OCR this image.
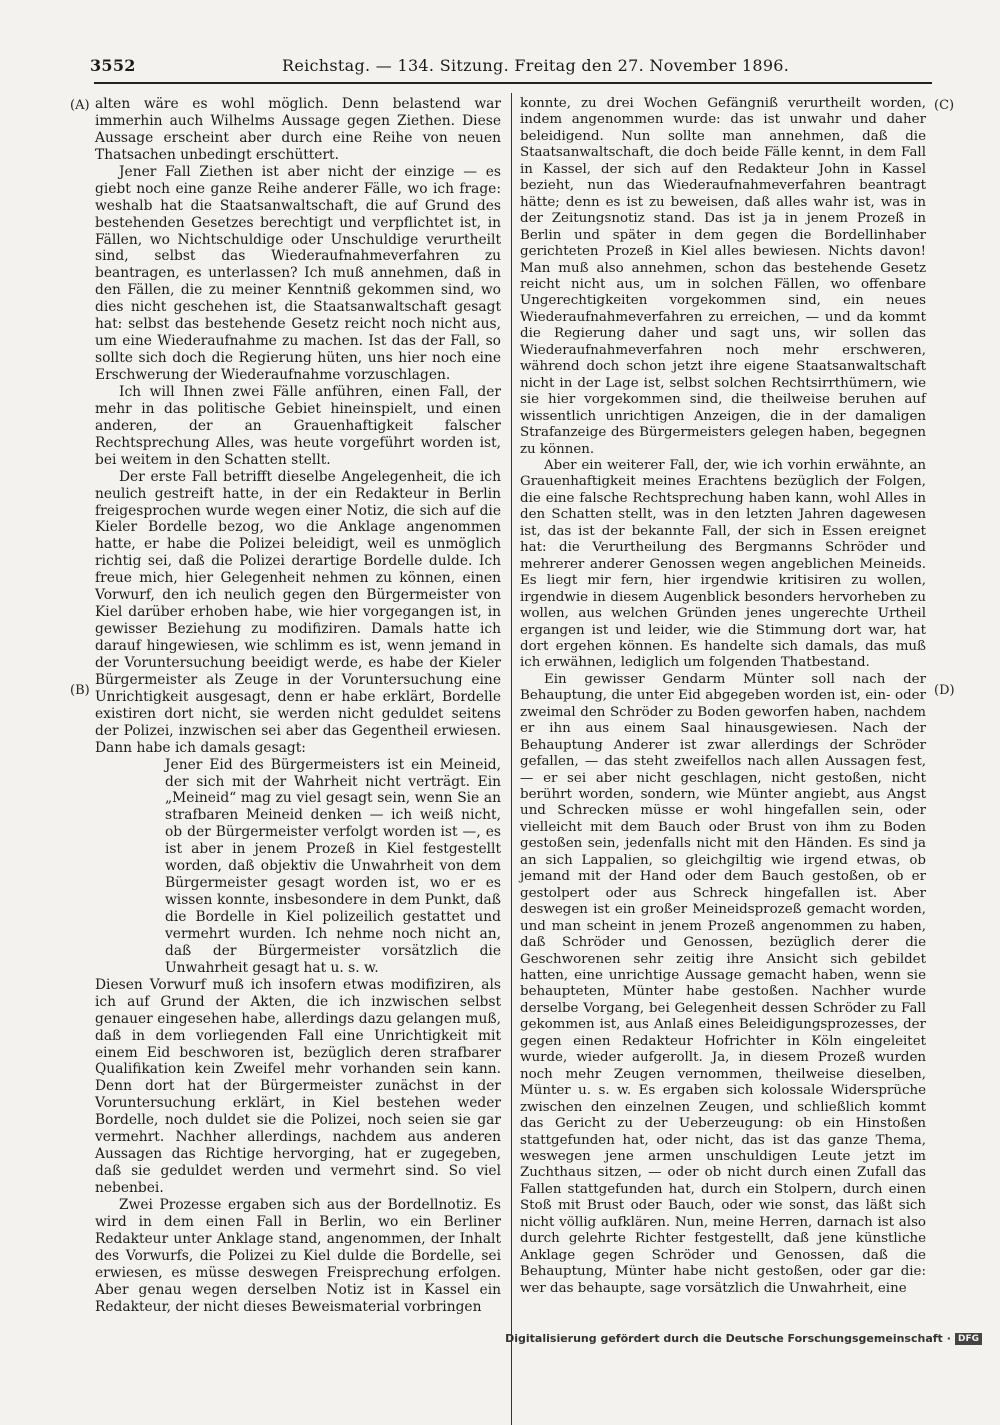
3552	Reichstag. — 134. Sitzung. Freitag den 27. November 1896.
(A)
(B)
(C)
(D)

alten wäre es wohl möglich. Denn belastend war immerhin auch Wilhelms Aussage gegen Ziethen. Diese Aussage erscheint aber durch eine Reihe von neuen Thatsachen unbedingt erschüttert.

Jener Fall Ziethen ist aber nicht der einzige — es giebt noch eine ganze Reihe anderer Fälle, wo ich frage: weshalb hat die Staatsanwaltschaft, die auf Grund des bestehenden Gesetzes berechtigt und verpflichtet ist, in Fällen, wo Nichtschuldige oder Unschuldige verurtheilt sind, selbst das Wiederaufnahmeverfahren zu beantragen, es unterlassen? Ich muß annehmen, daß in den Fällen, die zu meiner Kenntniß gekommen sind, wo dies nicht geschehen ist, die Staatsanwaltschaft gesagt hat: selbst das bestehende Gesetz reicht noch nicht aus, um eine Wiederaufnahme zu machen. Ist das der Fall, so sollte sich doch die Regierung hüten, uns hier noch eine Erschwerung der Wiederaufnahme vorzuschlagen.

Ich will Ihnen zwei Fälle anführen, einen Fall, der mehr in das politische Gebiet hineinspielt, und einen anderen, der an Grauenhaftigkeit falscher Rechtsprechung Alles, was heute vorgeführt worden ist, bei weitem in den Schatten stellt.

Der erste Fall betrifft dieselbe Angelegenheit, die ich neulich gestreift hatte, in der ein Redakteur in Berlin freigesprochen wurde wegen einer Notiz, die sich auf die Kieler Bordelle bezog, wo die Anklage angenommen hatte, er habe die Polizei beleidigt, weil es unmöglich richtig sei, daß die Polizei derartige Bordelle dulde. Ich freue mich, hier Gelegenheit nehmen zu können, einen Vorwurf, den ich neulich gegen den Bürgermeister von Kiel darüber erhoben habe, wie hier vorgegangen ist, in gewisser Beziehung zu modifiziren. Damals hatte ich darauf hingewiesen, wie schlimm es ist, wenn jemand in der Voruntersuchung beeidigt werde, es habe der Kieler Bürgermeister als Zeuge in der Voruntersuchung eine Unrichtigkeit ausgesagt, denn er habe erklärt, Bordelle existiren dort nicht, sie werden nicht geduldet seitens der Polizei, inzwischen sei aber das Gegentheil erwiesen. Dann habe ich damals gesagt:

Jener Eid des Bürgermeisters ist ein Meineid, der sich mit der Wahrheit nicht verträgt. Ein „Meineid“ mag zu viel gesagt sein, wenn Sie an strafbaren Meineid denken — ich weiß nicht, ob der Bürgermeister verfolgt worden ist —, es ist aber in jenem Prozeß in Kiel festgestellt worden, daß objektiv die Unwahrheit von dem Bürgermeister gesagt worden ist, wo er es wissen konnte, insbesondere in dem Punkt, daß die Bordelle in Kiel polizeilich gestattet und vermehrt wurden. Ich nehme noch nicht an, daß der Bürgermeister vorsätzlich die Unwahrheit gesagt hat u. s. w.

Diesen Vorwurf muß ich insofern etwas modifiziren, als ich auf Grund der Akten, die ich inzwischen selbst genauer eingesehen habe, allerdings dazu gelangen muß, daß in dem vorliegenden Fall eine Unrichtigkeit mit einem Eid beschworen ist, bezüglich deren strafbarer Qualifikation kein Zweifel mehr vorhanden sein kann. Denn dort hat der Bürgermeister zunächst in der Voruntersuchung erklärt, in Kiel bestehen weder Bordelle, noch duldet sie die Polizei, noch seien sie gar vermehrt. Nachher allerdings, nachdem aus anderen Aussagen das Richtige hervorging, hat er zugegeben, daß sie geduldet werden und vermehrt sind. So viel nebenbei.

Zwei Prozesse ergaben sich aus der Bordellnotiz. Es wird in dem einen Fall in Berlin, wo ein Berliner Redakteur unter Anklage stand, angenommen, der Inhalt des Vorwurfs, die Polizei zu Kiel dulde die Bordelle, sei erwiesen, es müsse deswegen Freisprechung erfolgen. Aber genau wegen derselben Notiz ist in Kassel ein Redakteur, der nicht dieses Beweismaterial vorbringen

konnte, zu drei Wochen Gefängniß verurtheilt worden, indem angenommen wurde: das ist unwahr und daher beleidigend. Nun sollte man annehmen, daß die Staatsanwaltschaft, die doch beide Fälle kennt, in dem Fall in Kassel, der sich auf den Redakteur John in Kassel bezieht, nun das Wiederaufnahmeverfahren beantragt hätte; denn es ist zu beweisen, daß alles wahr ist, was in der Zeitungsnotiz stand. Das ist ja in jenem Prozeß in Berlin und später in dem gegen die Bordellinhaber gerichteten Prozeß in Kiel alles bewiesen. Nichts davon! Man muß also annehmen, schon das bestehende Gesetz reicht nicht aus, um in solchen Fällen, wo offenbare Ungerechtigkeiten vorgekommen sind, ein neues Wiederaufnahmeverfahren zu erreichen, — und da kommt die Regierung daher und sagt uns, wir sollen das Wiederaufnahmeverfahren noch mehr erschweren, während doch schon jetzt ihre eigene Staatsanwaltschaft nicht in der Lage ist, selbst solchen Rechtsirrthümern, wie sie hier vorgekommen sind, die theilweise beruhen auf wissentlich unrichtigen Anzeigen, die in der damaligen Strafanzeige des Bürgermeisters gelegen haben, begegnen zu können.

Aber ein weiterer Fall, der, wie ich vorhin erwähnte, an Grauenhaftigkeit meines Erachtens bezüglich der Folgen, die eine falsche Rechtsprechung haben kann, wohl Alles in den Schatten stellt, was in den letzten Jahren dagewesen ist, das ist der bekannte Fall, der sich in Essen ereignet hat: die Verurtheilung des Bergmanns Schröder und mehrerer anderer Genossen wegen angeblichen Meineids. Es liegt mir fern, hier irgendwie kritisiren zu wollen, irgendwie in diesem Augenblick besonders hervorheben zu wollen, aus welchen Gründen jenes ungerechte Urtheil ergangen ist und leider, wie die Stimmung dort war, hat dort ergehen können. Es handelte sich damals, das muß ich erwähnen, lediglich um folgenden Thatbestand.

Ein gewisser Gendarm Münter soll nach der Behauptung, die unter Eid abgegeben worden ist, ein- oder zweimal den Schröder zu Boden geworfen haben, nachdem er ihn aus einem Saal hinausgewiesen. Nach der Behauptung Anderer ist zwar allerdings der Schröder gefallen, — das steht zweifellos nach allen Aussagen fest, — er sei aber nicht geschlagen, nicht gestoßen, nicht berührt worden, sondern, wie Münter angiebt, aus Angst und Schrecken müsse er wohl hingefallen sein, oder vielleicht mit dem Bauch oder Brust von ihm zu Boden gestoßen sein, jedenfalls nicht mit den Händen. Es sind ja an sich Lappalien, so gleichgiltig wie irgend etwas, ob jemand mit der Hand oder dem Bauch gestoßen, ob er gestolpert oder aus Schreck hingefallen ist. Aber deswegen ist ein großer Meineidsprozeß gemacht worden, und man scheint in jenem Prozeß angenommen zu haben, daß Schröder und Genossen, bezüglich derer die Geschworenen sehr zeitig ihre Ansicht sich gebildet hatten, eine unrichtige Aussage gemacht haben, wenn sie behaupteten, Münter habe gestoßen. Nachher wurde derselbe Vorgang, bei Gelegenheit dessen Schröder zu Fall gekommen ist, aus Anlaß eines Beleidigungsprozesses, der gegen einen Redakteur Hofrichter in Köln eingeleitet wurde, wieder aufgerollt. Ja, in diesem Prozeß wurden noch mehr Zeugen vernommen, theilweise dieselben, Münter u. s. w. Es ergaben sich kolossale Widersprüche zwischen den einzelnen Zeugen, und schließlich kommt das Gericht zu der Ueberzeugung: ob ein Hinstoßen stattgefunden hat, oder nicht, das ist das ganze Thema, weswegen jene armen unschuldigen Leute jetzt im Zuchthaus sitzen, — oder ob nicht durch einen Zufall das Fallen stattgefunden hat, durch ein Stolpern, durch einen Stoß mit Brust oder Bauch, oder wie sonst, das läßt sich nicht völlig aufklären. Nun, meine Herren, darnach ist also durch gelehrte Richter festgestellt, daß jene künstliche Anklage gegen Schröder und Genossen, daß die Behauptung, Münter habe nicht gestoßen, oder gar die: wer das behaupte, sage vorsätzlich die Unwahrheit, eine

Digitalisierung gefördert durch die Deutsche Forschungsgemeinschaft · DFG
